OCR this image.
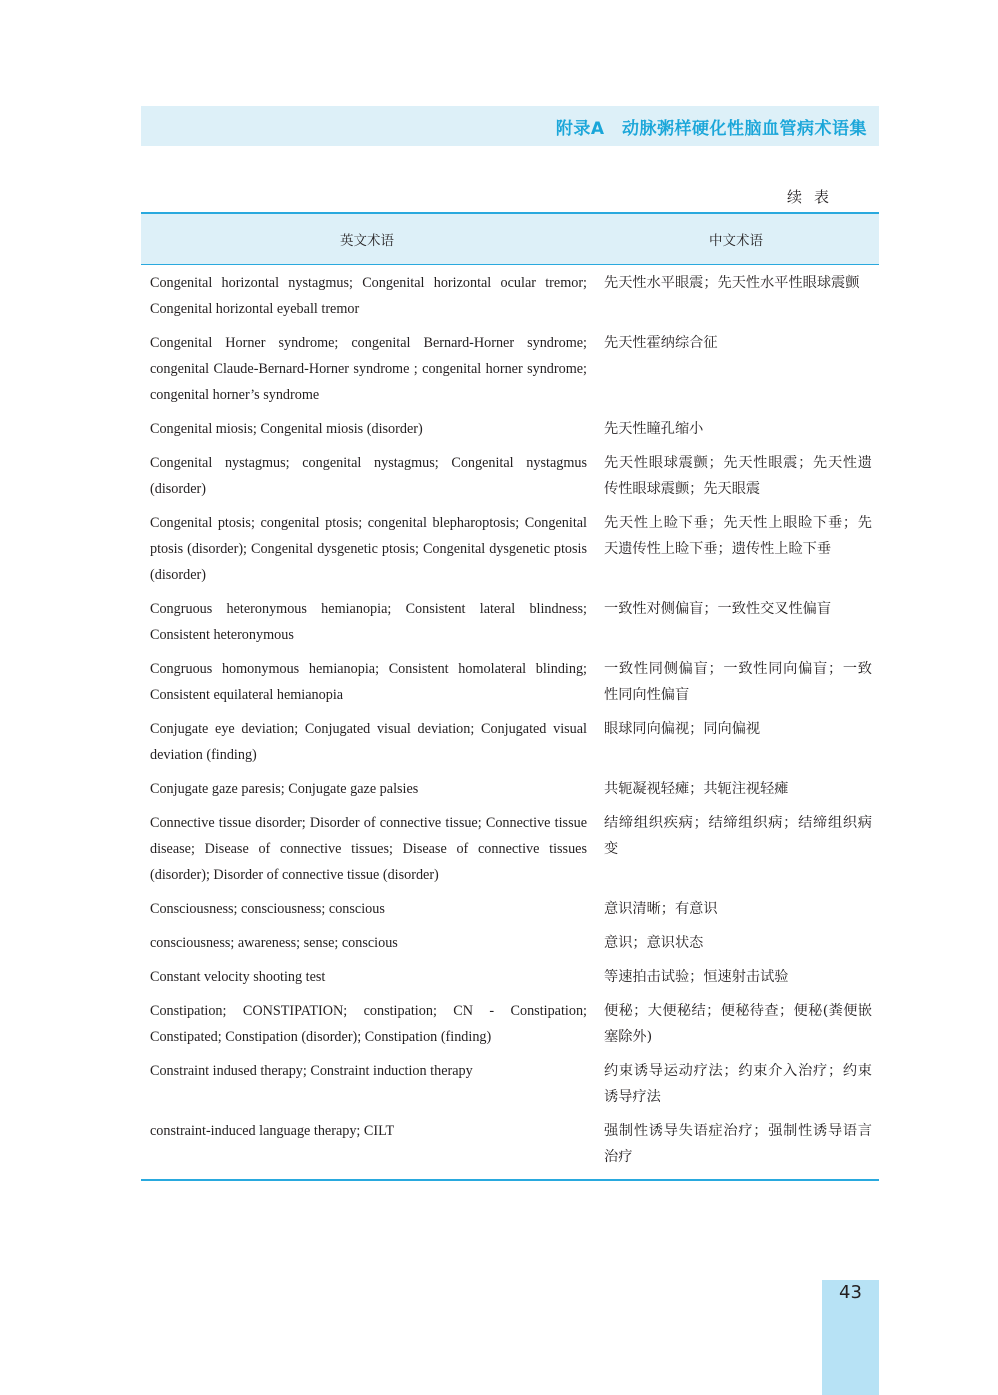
附录A　动脉粥样硬化性脑血管病术语集
续表
英文术语	中文术语
Congenital horizontal nystagmus; Congenital horizontal ocular tremor; Congenital horizontal eyeball tremor
先天性水平眼震；先天性水平性眼球震颤
Congenital Horner syndrome; congenital Bernard-Horner syndrome; congenital Claude-Bernard-Horner syndrome ; congenital horner syndrome; congenital horner’s syndrome
先天性霍纳综合征
Congenital miosis; Congenital miosis (disorder)	先天性瞳孔缩小
Congenital nystagmus; congenital nystagmus; Congenital nystagmus (disorder)
先天性眼球震颤；先天性眼震；先天性遗传性眼球震颤；先天眼震
Congenital ptosis; congenital ptosis; congenital blepharoptosis; Congenital ptosis (disorder); Congenital dysgenetic ptosis; Congenital dysgenetic ptosis (disorder)
先天性上睑下垂；先天性上眼睑下垂；先天遗传性上睑下垂；遗传性上睑下垂
Congruous heteronymous hemianopia; Consistent lateral blindness; Consistent heteronymous
一致性对侧偏盲；一致性交叉性偏盲
Congruous homonymous hemianopia; Consistent homolateral blinding; Consistent equilateral hemianopia
一致性同侧偏盲；一致性同向偏盲；一致性同向性偏盲
Conjugate eye deviation; Conjugated visual deviation; Conjugated visual deviation (finding)
眼球同向偏视；同向偏视
Conjugate gaze paresis; Conjugate gaze palsies	共轭凝视轻瘫；共轭注视轻瘫
Connective tissue disorder; Disorder of connective tissue; Connective tissue disease; Disease of connective tissues; Disease of connective tissues (disorder); Disorder of connective tissue (disorder)
结缔组织疾病；结缔组织病；结缔组织病变
Consciousness; consciousness; conscious	意识清晰；有意识
consciousness; awareness; sense; conscious	意识；意识状态
Constant velocity shooting test	等速拍击试验；恒速射击试验
Constipation; CONSTIPATION; constipation; CN - Constipation; Constipated; Constipation (disorder); Constipation (finding)
便秘；大便秘结；便秘待查；便秘(粪便嵌塞除外)
Constraint indused therapy; Constraint induction therapy	约束诱导运动疗法；约束介入治疗；约束诱导疗法
constraint-induced language therapy; CILT	强制性诱导失语症治疗；强制性诱导语言治疗
43
